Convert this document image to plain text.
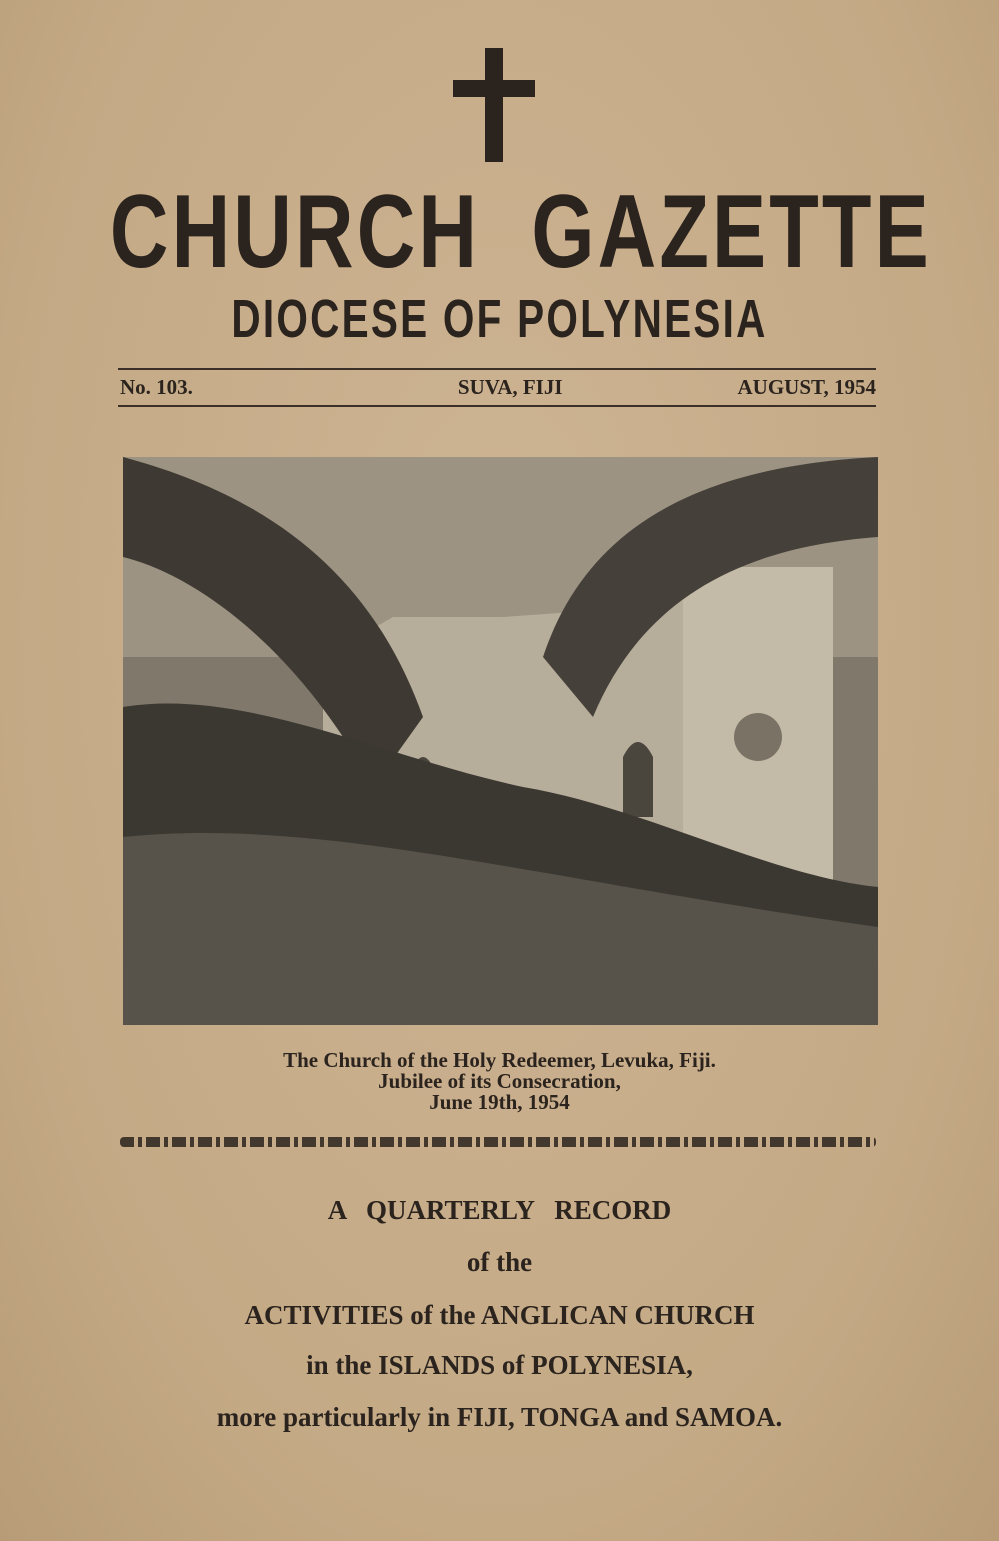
CHURCH  GAZETTE
DIOCESE OF POLYNESIA
No. 103.	SUVA, FIJI	AUGUST, 1954
The Church of the Holy Redeemer, Levuka, Fiji.
Jubilee of its Consecration,
June 19th, 1954
A   QUARTERLY   RECORD
of the
ACTIVITIES of the ANGLICAN CHURCH
in the ISLANDS of POLYNESIA,
more particularly in FIJI, TONGA and SAMOA.
